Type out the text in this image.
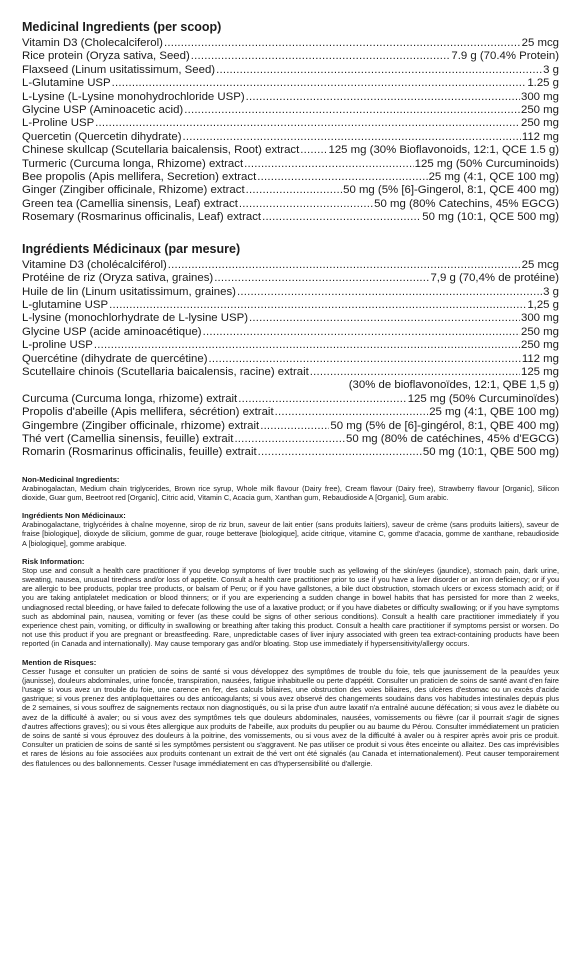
Medicinal Ingredients (per scoop)
Vitamin D3 (Cholecalciferol) .....	25 mcg
Rice protein (Oryza sativa, Seed) .....	7.9 g (70.4% Protein)
Flaxseed (Linum usitatissimum, Seed) .....	3 g
L-Glutamine USP .....	1.25 g
L-Lysine (L-Lysine monohydrochloride USP) .....	300 mg
Glycine USP (Aminoacetic acid) .....	250 mg
L-Proline USP .....	250 mg
Quercetin (Quercetin dihydrate) .....	112 mg
Chinese skullcap (Scutellaria baicalensis, Root) extract .....	125 mg (30% Bioflavonoids, 12:1, QCE 1.5 g)
Turmeric (Curcuma longa, Rhizome) extract .....	125 mg (50% Curcuminoids)
Bee propolis (Apis mellifera, Secretion) extract .....	25 mg (4:1, QCE 100 mg)
Ginger (Zingiber officinale, Rhizome) extract .....	50 mg (5% [6]-Gingerol, 8:1, QCE 400 mg)
Green tea (Camellia sinensis, Leaf) extract .....	50 mg (80% Catechins, 45% EGCG)
Rosemary (Rosmarinus officinalis, Leaf) extract .....	50 mg (10:1, QCE 500 mg)
Ingrédients Médicinaux (par mesure)
Vitamine D3 (cholécalciférol) .....	25 mcg
Protéine de riz (Oryza sativa, graines) .....	7,9 g (70,4% de protéine)
Huile de lin (Linum usitatissimum, graines) .....	3 g
L-glutamine USP .....	1,25 g
L-lysine (monochlorhydrate de L-lysine USP) .....	300 mg
Glycine USP (acide aminoacétique) .....	250 mg
L-proline USP .....	250 mg
Quercétine (dihydrate de quercétine) .....	112 mg
Scutellaire chinois (Scutellaria baicalensis, racine) extrait .....	125 mg
(30% de bioflavonoïdes, 12:1, QBE 1,5 g)
Curcuma (Curcuma longa, rhizome) extrait .....	125 mg (50% Curcuminoïdes)
Propolis d'abeille (Apis mellifera, sécrétion) extrait .....	25 mg (4:1, QBE 100 mg)
Gingembre (Zingiber officinale, rhizome) extrait .....	50 mg (5% de [6]-gingérol, 8:1, QBE 400 mg)
Thé vert (Camellia sinensis, feuille) extrait .....	50 mg (80% de catéchines, 45% d'EGCG)
Romarin (Rosmarinus officinalis, feuille) extrait .....	50 mg (10:1, QBE 500 mg)
Non-Medicinal Ingredients:
Arabinogalactan, Medium chain triglycerides, Brown rice syrup, Whole milk flavour (Dairy free), Cream flavour (Dairy free), Strawberry flavour [Organic], Silicon dioxide, Guar gum, Beetroot red [Organic], Citric acid, Vitamin C, Acacia gum, Xanthan gum, Rebaudioside A [Organic], Gum arabic.
Ingrédients Non Médicinaux:
Arabinogalactane, triglycérides à chaîne moyenne, sirop de riz brun, saveur de lait entier (sans produits laitiers), saveur de crème (sans produits laitiers), saveur de fraise [biologique], dioxyde de silicium, gomme de guar, rouge betterave [biologique], acide citrique, vitamine C, gomme d'acacia, gomme de xanthane, rebaudioside A [biologique], gomme arabique.
Risk Information:
Stop use and consult a health care practitioner if you develop symptoms of liver trouble such as yellowing of the skin/eyes (jaundice), stomach pain, dark urine, sweating, nausea, unusual tiredness and/or loss of appetite. Consult a health care practitioner prior to use if you have a liver disorder or an iron deficiency; or if you are allergic to bee products, poplar tree products, or balsam of Peru; or if you have gallstones, a bile duct obstruction, stomach ulcers or excess stomach acid; or if you are taking antiplatelet medication or blood thinners; or if you are experiencing a sudden change in bowel habits that has persisted for more than 2 weeks, undiagnosed rectal bleeding, or have failed to defecate following the use of a laxative product; or if you have diabetes or difficulty swallowing; or if you have symptoms such as abdominal pain, nausea, vomiting or fever (as these could be signs of other serious conditions). Consult a health care practitioner immediately if you experience chest pain, vomiting, or difficulty in swallowing or breathing after taking this product. Consult a health care practitioner if symptoms persist or worsen. Do not use this product if you are pregnant or breastfeeding. Rare, unpredictable cases of liver injury associated with green tea extract-containing products have been reported (in Canada and internationally). May cause temporary gas and/or bloating. Stop use immediately if hypersensitivity/allergy occurs.
Mention de Risques:
Cesser l'usage et consulter un praticien de soins de santé si vous développez des symptômes de trouble du foie, tels que jaunissement de la peau/des yeux (jaunisse), douleurs abdominales, urine foncée, transpiration, nausées, fatigue inhabituelle ou perte d'appétit. Consulter un praticien de soins de santé avant d'en faire l'usage si vous avez un trouble du foie, une carence en fer, des calculs biliaires, une obstruction des voies biliaires, des ulcères d'estomac ou un excès d'acide gastrique; si vous prenez des antiplaquettaires ou des anticoagulants; si vous avez observé des changements soudains dans vos habitudes intestinales depuis plus de 2 semaines, si vous souffrez de saignements rectaux non diagnostiqués, ou si la prise d'un autre laxatif n'a entraîné aucune défécation; si vous avez le diabète ou avez de la difficulté à avaler; ou si vous avez des symptômes tels que douleurs abdominales, nausées, vomissements ou fièvre (car il pourrait s'agir de signes d'autres affections graves); ou si vous êtes allergique aux produits de l'abeille, aux produits du peuplier ou au baume du Pérou. Consulter immédiatement un praticien de soins de santé si vous éprouvez des douleurs à la poitrine, des vomissements, ou si vous avez de la difficulté à avaler ou à respirer après avoir pris ce produit. Consulter un praticien de soins de santé si les symptômes persistent ou s'aggravent. Ne pas utiliser ce produit si vous êtes enceinte ou allaitez. Des cas imprévisibles et rares de lésions au foie associées aux produits contenant un extrait de thé vert ont été signalés (au Canada et internationalement). Peut causer temporairement des flatulences ou des ballonnements. Cesser l'usage immédiatement en cas d'hypersensibilité ou d'allergie.
